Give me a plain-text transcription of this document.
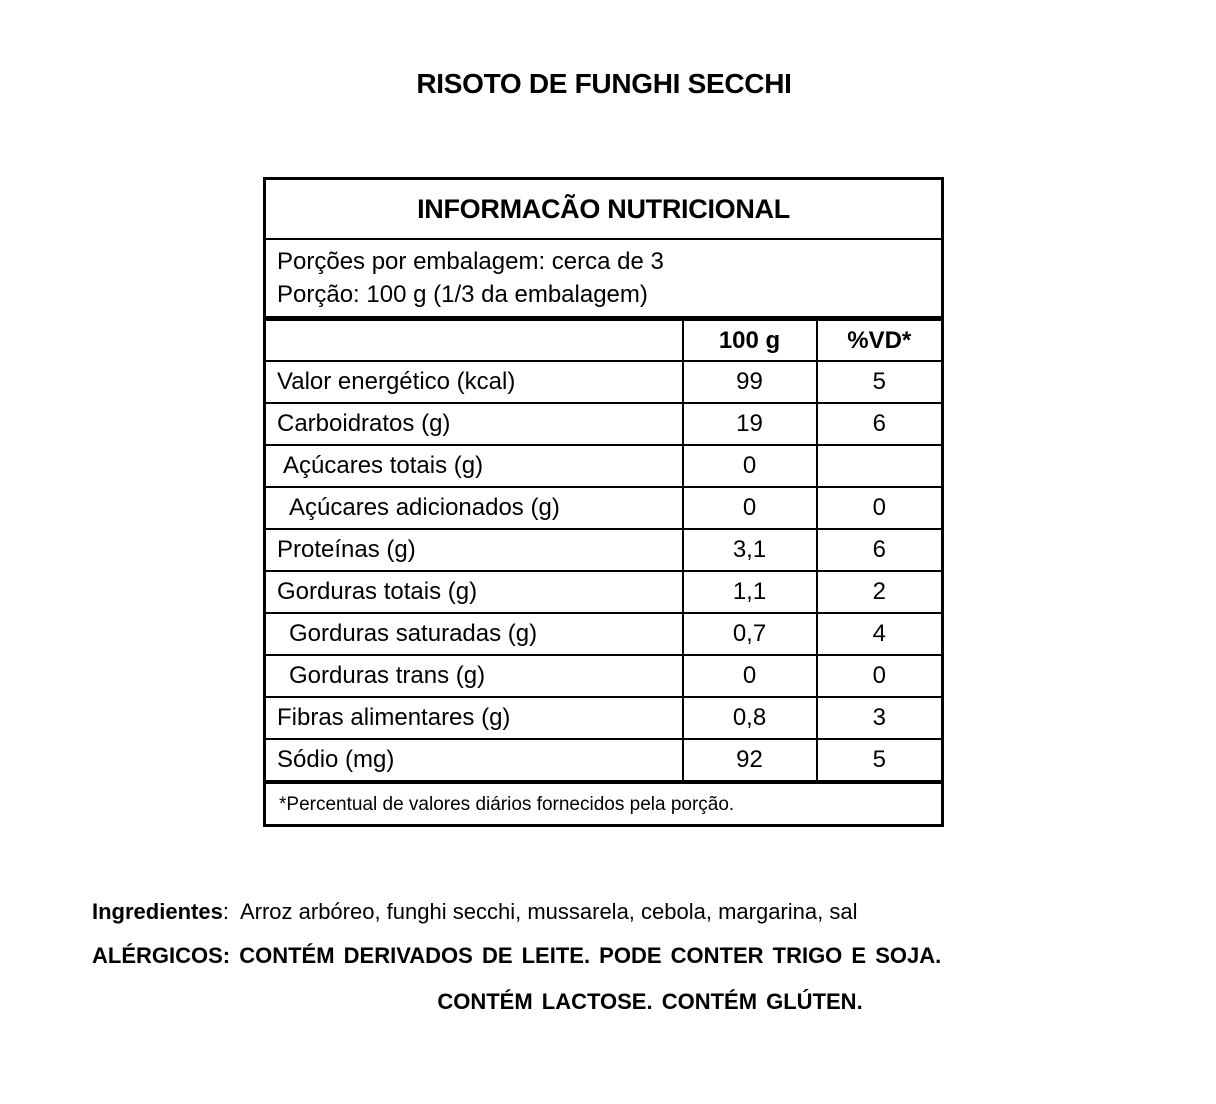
RISOTO DE FUNGHI SECCHI
INFORMACÃO NUTRICIONAL		

Porções por embalagem: cerca de 3
Porção: 100 g (1/3 da embalagem)		

	100 g	%VD*
Valor energético (kcal)	99	5
Carboidratos (g)	19	6
Açúcares totais (g)	0	
Açúcares adicionados (g)	0	0
Proteínas (g)	3,1	6
Gorduras totais (g)	1,1	2
Gorduras saturadas (g)	0,7	4
Gorduras trans (g)	0	0
Fibras alimentares (g)	0,8	3
Sódio (mg)	92	5
*Percentual de valores diários fornecidos pela porção.		
Ingredientes: Arroz arbóreo, funghi secchi, mussarela, cebola, margarina, sal
ALÉRGICOS: CONTÉM DERIVADOS DE LEITE. PODE CONTER TRIGO E SOJA.
CONTÉM LACTOSE. CONTÉM GLÚTEN.
